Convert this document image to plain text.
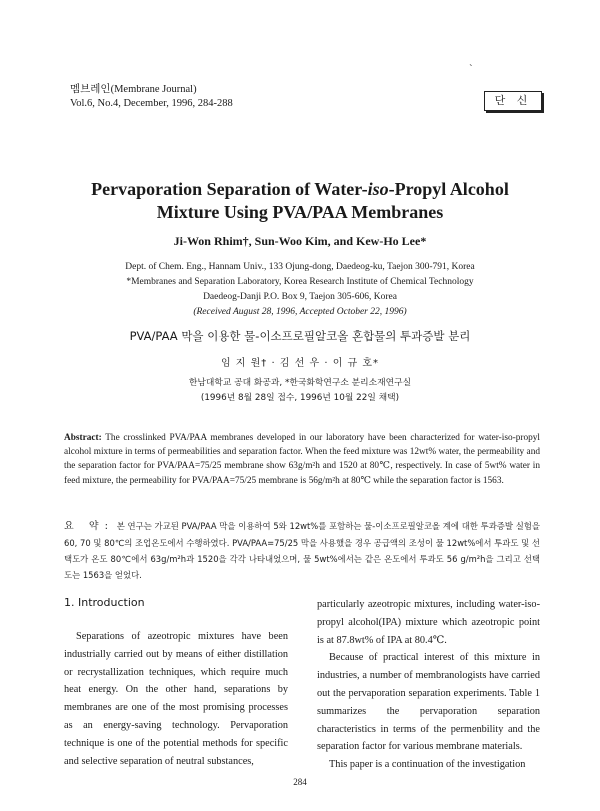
멤브레인(Membrane Journal)
Vol.6, No.4, December, 1996, 284-288
`
단 신
Pervaporation Separation of Water-iso-Propyl Alcohol
Mixture Using PVA/PAA Membranes
Ji-Won Rhim†, Sun-Woo Kim, and Kew-Ho Lee*
Dept. of Chem. Eng., Hannam Univ., 133 Ojung-dong, Daedeog-ku, Taejon 300-791, Korea
*Membranes and Separation Laboratory, Korea Research Institute of Chemical Technology
Daedeog-Danji P.O. Box 9, Taejon 305-606, Korea
(Received August 28, 1996, Accepted October 22, 1996)
PVA/PAA 막을 이용한 물-이소프로필알코올 혼합물의 투과증발 분리
임 지 원† · 김 선 우 · 이 규 호*
한남대학교 공대 화공과, *한국화학연구소 분리소재연구실
(1996년 8월 28일 접수, 1996년 10월 22일 채택)
Abstract: The crosslinked PVA/PAA membranes developed in our laboratory have been characterized for water-iso-propyl alcohol mixture in terms of permeabilities and separation factor. When the feed mixture was 12wt% water, the permeability and the separation factor for PVA/PAA=75/25 membrane show 63g/m²h and 1520 at 80℃, respectively. In case of 5wt% water in feed mixture, the permeability for PVA/PAA=75/25 membrane is 56g/m²h at 80℃ while the separation factor is 1563.
요 약: 본 연구는 가교된 PVA/PAA 막을 이용하여 5와 12wt%를 포함하는 물-이소프로필알코올 계에 대한 투과증발 실험을 60, 70 및 80℃의 조업온도에서 수행하였다. PVA/PAA=75/25 막을 사용했을 경우 공급액의 조성이 물 12wt%에서 투과도 및 선택도가 온도 80℃에서 63g/m²h과 1520을 각각 나타내었으며, 물 5wt%에서는 같은 온도에서 투과도 56 g/m²h을 그리고 선택도는 1563을 얻었다.
1. Introduction

Separations of azeotropic mixtures have been industrially carried out by means of either distillation or recrystallization techniques, which require much heat energy. On the other hand, separations by membranes are one of the most promising processes as an energy-saving technology. Pervaporation technique is one of the potential methods for specific and selective separation of neutral substances,

particularly azeotropic mixtures, including water-iso-propyl alcohol(IPA) mixture which azeotropic point is at 87.8wt% of IPA at 80.4℃.

Because of practical interest of this mixture in industries, a number of membranologists have carried out the pervaporation separation experiments. Table 1 summarizes the pervaporation separation characteristics in terms of the permenbility and the separation factor for various membrane materials.

This paper is a continuation of the investigation

284
